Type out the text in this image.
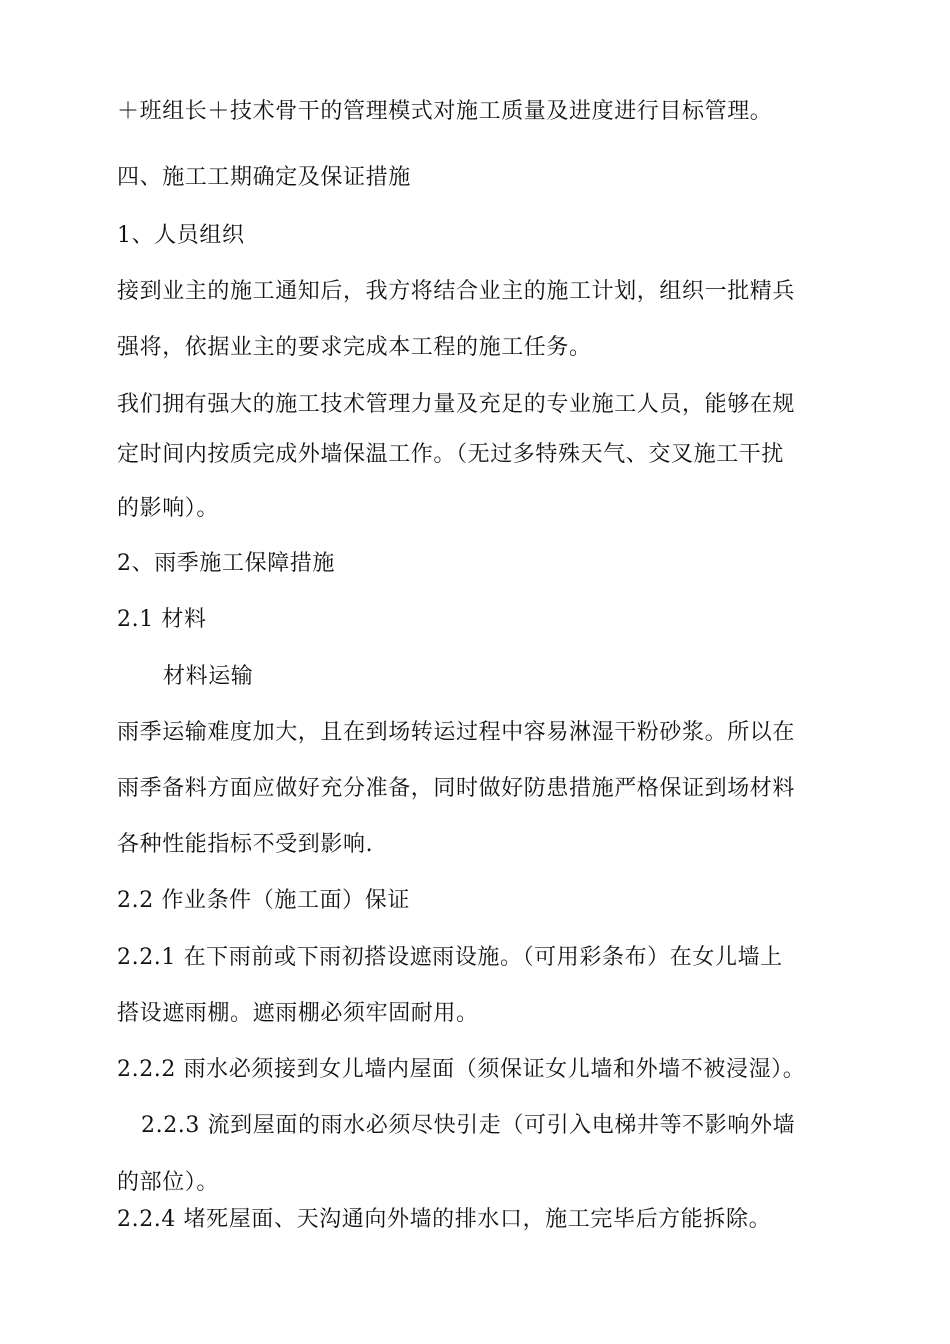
＋班组长＋技术骨干的管理模式对施工质量及进度进行目标管理。

四、施工工期确定及保证措施

1、人员组织

接到业主的施工通知后，我方将结合业主的施工计划，组织一批精兵

强将，依据业主的要求完成本工程的施工任务。

我们拥有强大的施工技术管理力量及充足的专业施工人员，能够在规

定时间内按质完成外墙保温工作。（无过多特殊天气、交叉施工干扰

的影响）。

2、雨季施工保障措施

2.1 材料

材料运输

雨季运输难度加大，且在到场转运过程中容易淋湿干粉砂浆。所以在

雨季备料方面应做好充分准备，同时做好防患措施严格保证到场材料

各种性能指标不受到影响.

2.2 作业条件（施工面）保证

2.2.1 在下雨前或下雨初搭设遮雨设施。（可用彩条布）在女儿墙上

搭设遮雨棚。遮雨棚必须牢固耐用。

2.2.2 雨水必须接到女儿墙内屋面（须保证女儿墙和外墙不被浸湿）。

2.2.3 流到屋面的雨水必须尽快引走（可引入电梯井等不影响外墙

的部位）。

2.2.4 堵死屋面、天沟通向外墙的排水口，施工完毕后方能拆除。
